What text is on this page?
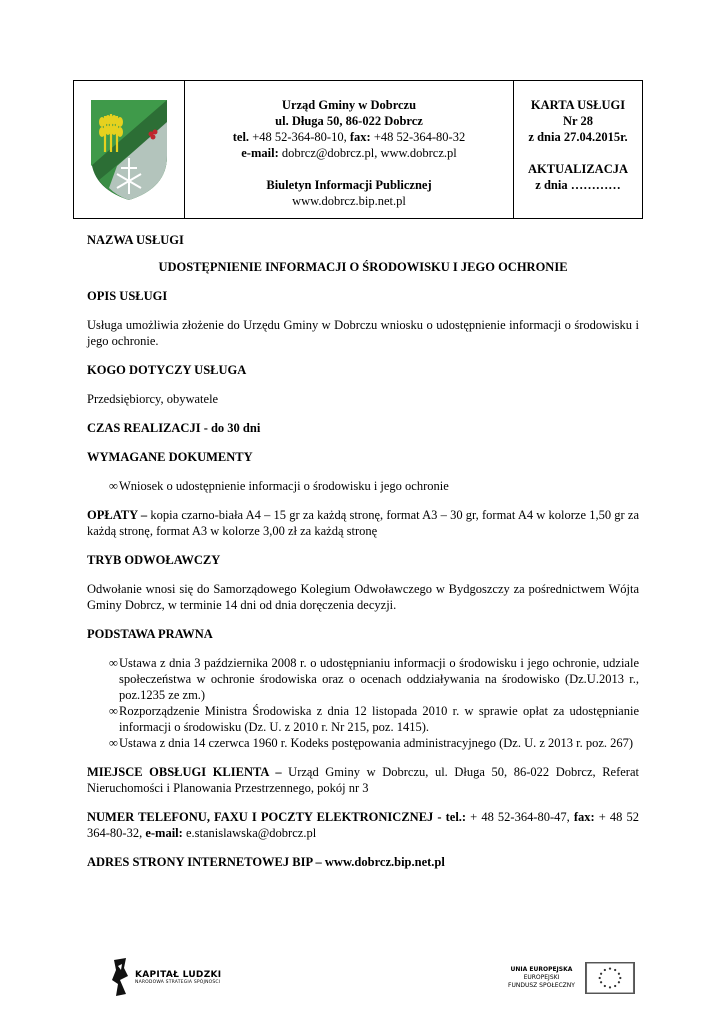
Urząd Gminy w Dobrczu
ul. Długa 50, 86-022 Dobrcz
tel. +48 52-364-80-10, fax: +48 52-364-80-32
e-mail: dobrcz@dobrcz.pl, www.dobrcz.pl
Biuletyn Informacji Publicznej
www.dobrcz.bip.net.pl
KARTA USŁUGI
Nr 28
z dnia 27.04.2015r.
AKTUALIZACJA
z dnia …………

NAZWA USŁUGI

UDOSTĘPNIENIE INFORMACJI O ŚRODOWISKU I JEGO OCHRONIE

OPIS USŁUGI

Usługa umożliwia złożenie do Urzędu Gminy w Dobrczu wniosku o udostępnienie informacji o środowisku i jego ochronie.

KOGO DOTYCZY USŁUGA

Przedsiębiorcy, obywatele

CZAS REALIZACJI - do 30 dni

WYMAGANE DOKUMENTY

∞ Wniosek o udostępnienie informacji o środowisku i jego ochronie

OPŁATY – kopia czarno-biała A4 – 15 gr za każdą stronę, format A3 – 30 gr, format A4 w kolorze 1,50 gr za każdą stronę, format A3 w kolorze 3,00 zł za każdą stronę

TRYB ODWOŁAWCZY

Odwołanie wnosi się do Samorządowego Kolegium Odwoławczego w Bydgoszczy za pośrednictwem Wójta Gminy Dobrcz, w terminie 14 dni od dnia doręczenia decyzji.

PODSTAWA PRAWNA

∞ Ustawa z dnia 3 października 2008 r. o udostępnianiu informacji o środowisku i jego ochronie, udziale społeczeństwa w ochronie środowiska oraz o ocenach oddziaływania na środowisko (Dz.U.2013 r., poz.1235 ze zm.)
∞ Rozporządzenie Ministra Środowiska z dnia 12 listopada 2010 r. w sprawie opłat za udostępnianie informacji o środowisku (Dz. U. z 2010 r. Nr 215, poz. 1415).
∞ Ustawa z dnia 14 czerwca 1960 r. Kodeks postępowania administracyjnego (Dz. U. z 2013 r. poz. 267)

MIEJSCE OBSŁUGI KLIENTA – Urząd Gminy w Dobrczu, ul. Długa 50, 86-022 Dobrcz, Referat Nieruchomości i Planowania Przestrzennego, pokój nr 3

NUMER TELEFONU, FAXU I POCZTY ELEKTRONICZNEJ - tel.: + 48 52-364-80-47, fax: + 48 52 364-80-32, e-mail: e.stanislawska@dobrcz.pl

ADRES STRONY INTERNETOWEJ BIP – www.dobrcz.bip.net.pl

KAPITAŁ LUDZKI
NARODOWA STRATEGIA SPÓJNOŚCI
UNIA EUROPEJSKA
EUROPEJSKI
FUNDUSZ SPOŁECZNY
